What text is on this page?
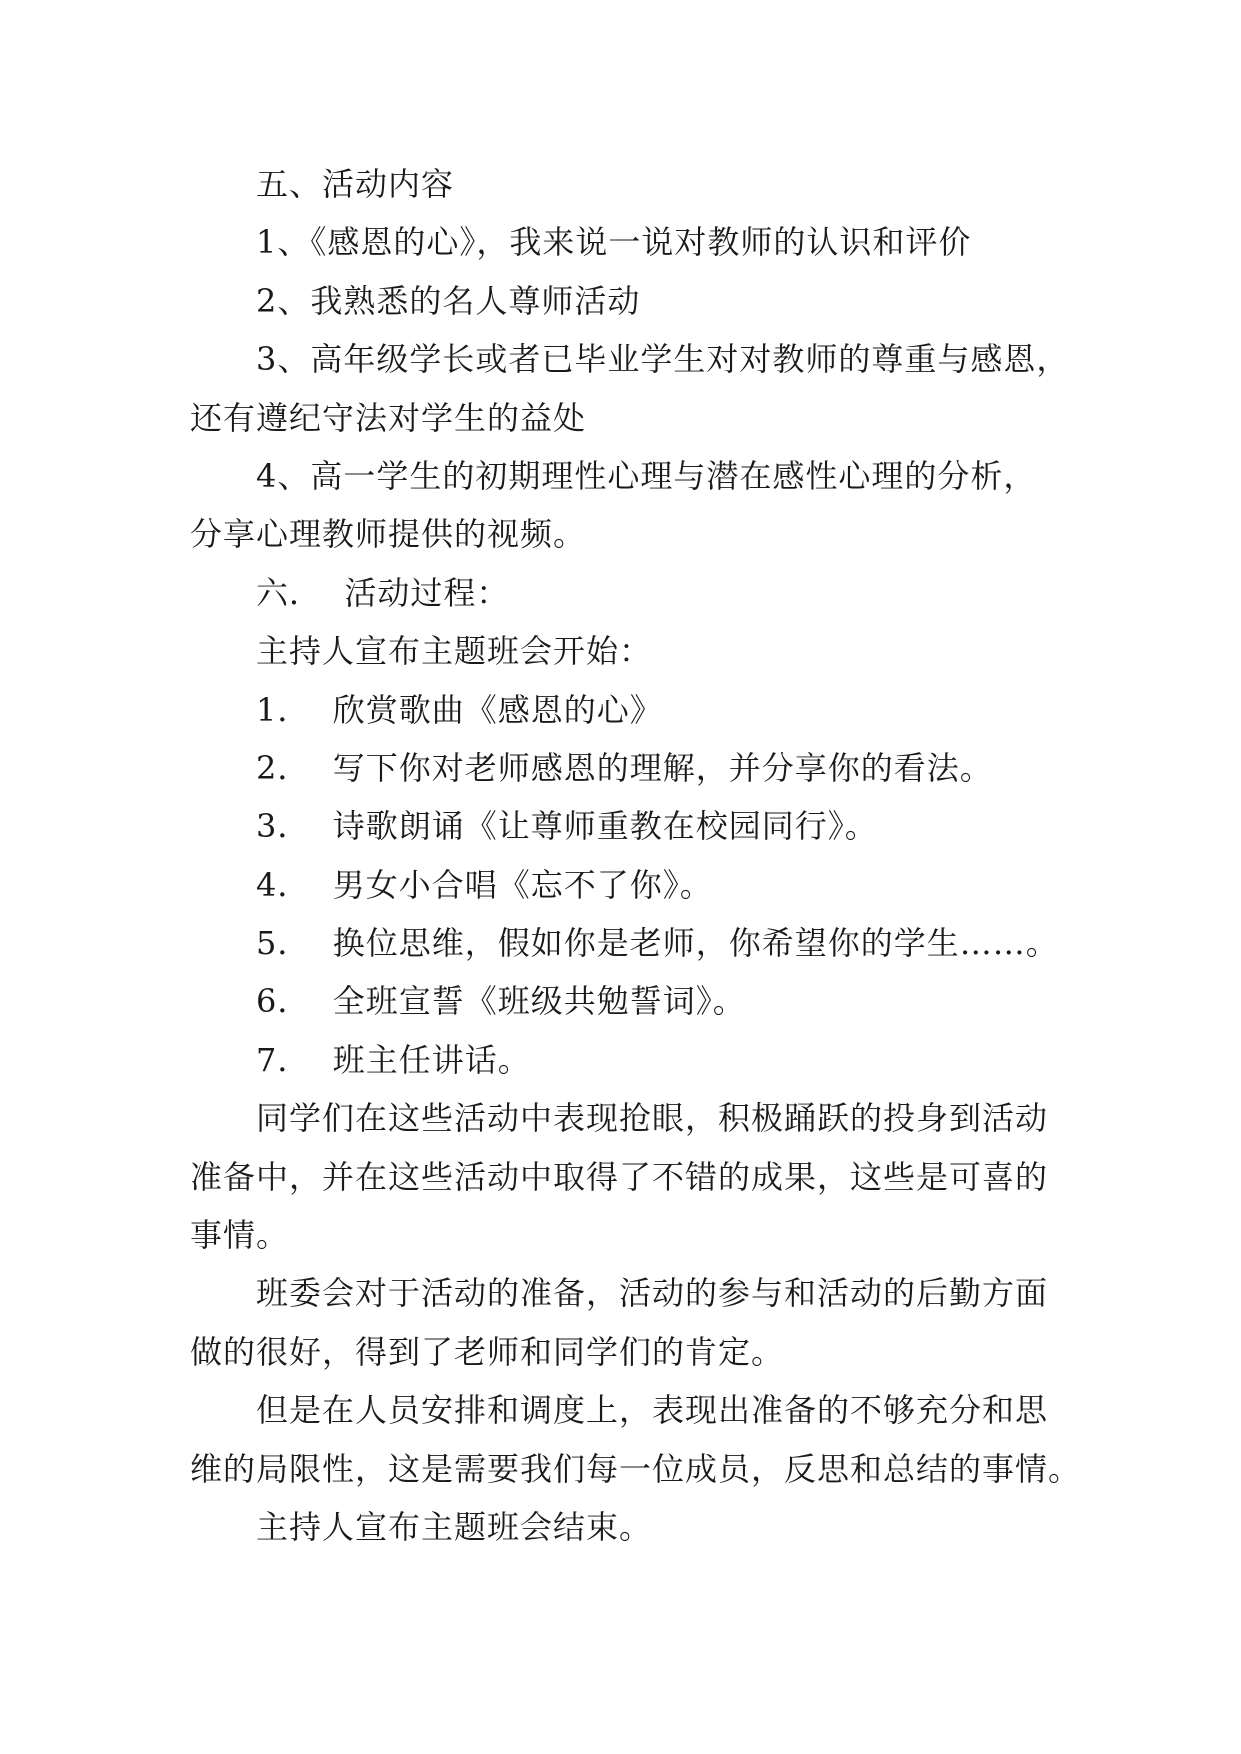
五、活动内容
1、《感恩的心》，我来说一说对教师的认识和评价
2、我熟悉的名人尊师活动
3、高年级学长或者已毕业学生对对教师的尊重与感恩，
还有遵纪守法对学生的益处
4、高一学生的初期理性心理与潜在感性心理的分析，
分享心理教师提供的视频。
六．  活动过程：
主持人宣布主题班会开始：
1．  欣赏歌曲《感恩的心》
2．  写下你对老师感恩的理解，并分享你的看法。
3．  诗歌朗诵《让尊师重教在校园同行》。
4．  男女小合唱《忘不了你》。
5．  换位思维，假如你是老师，你希望你的学生……。
6．  全班宣誓《班级共勉誓词》。
7．  班主任讲话。
同学们在这些活动中表现抢眼，积极踊跃的投身到活动
准备中，并在这些活动中取得了不错的成果，这些是可喜的
事情。
班委会对于活动的准备，活动的参与和活动的后勤方面
做的很好，得到了老师和同学们的肯定。
但是在人员安排和调度上，表现出准备的不够充分和思
维的局限性，这是需要我们每一位成员，反思和总结的事情。
主持人宣布主题班会结束。
